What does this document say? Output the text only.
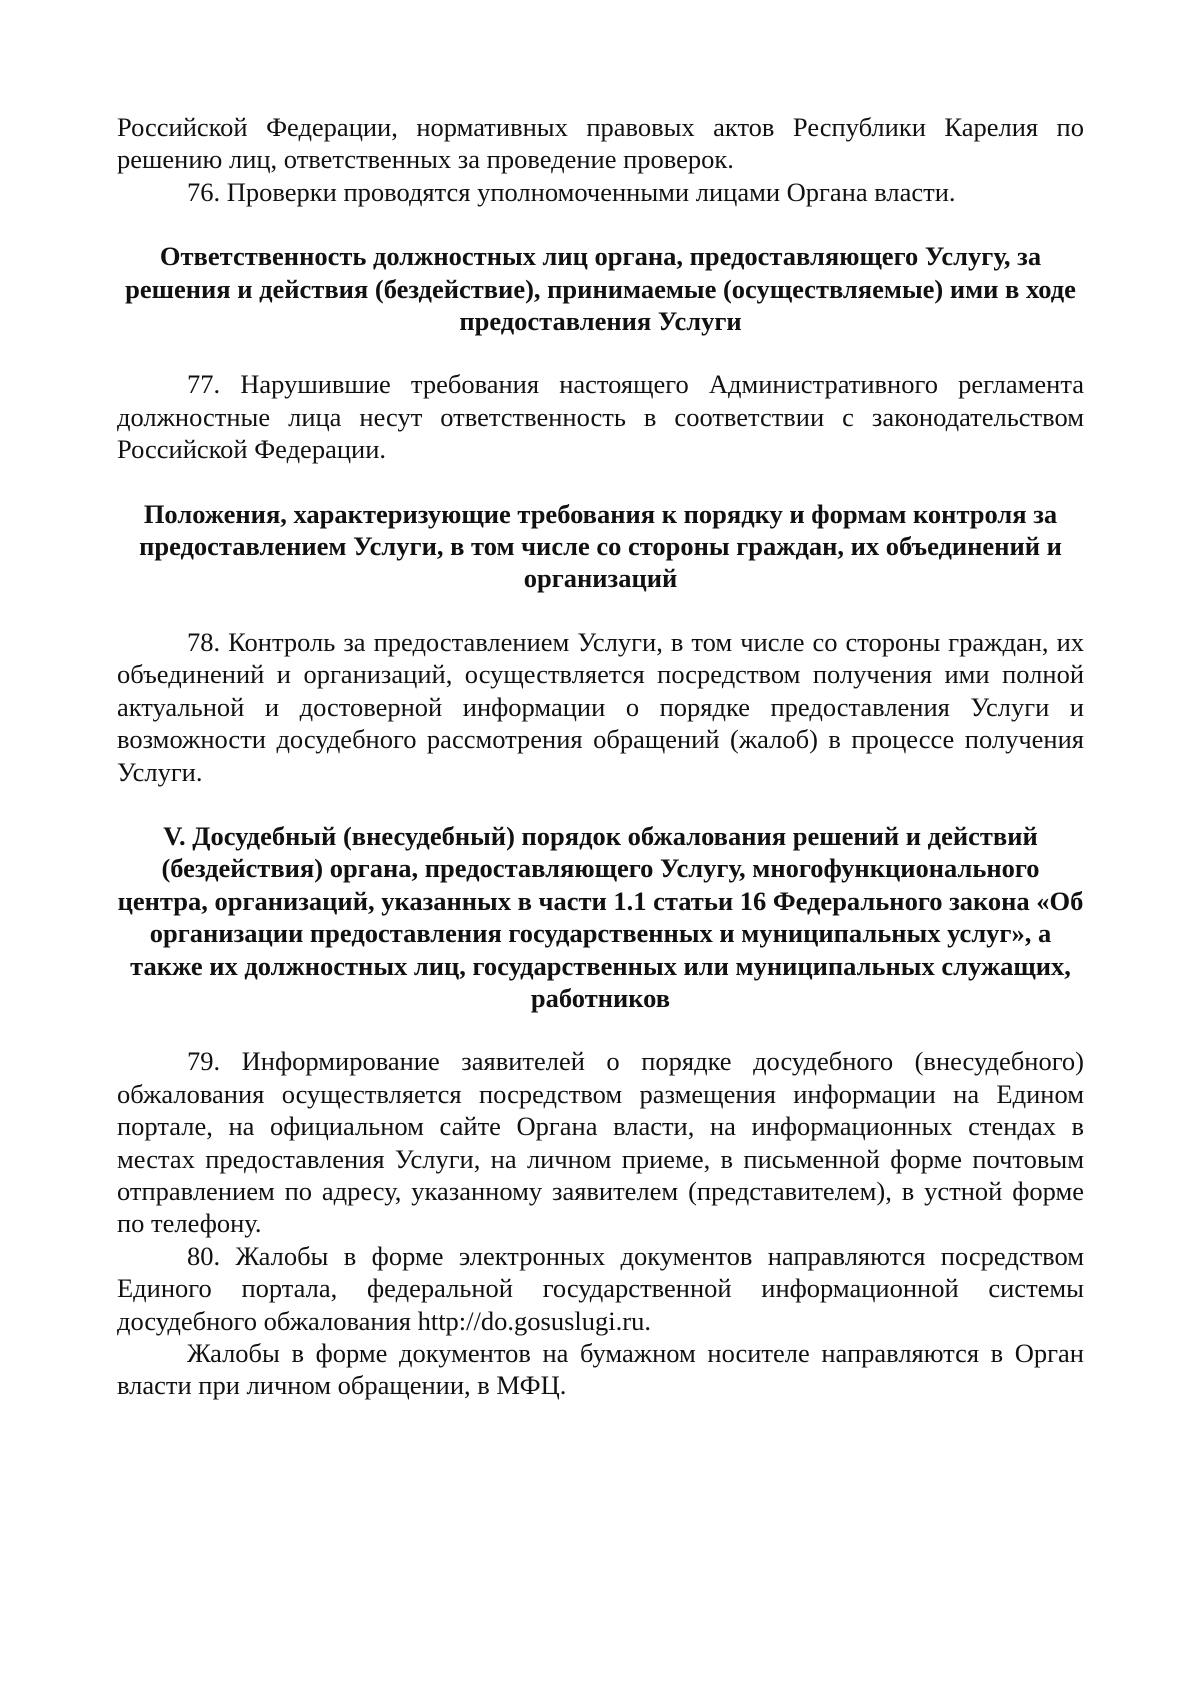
Российской Федерации, нормативных правовых актов Республики Карелия по решению лиц, ответственных за проведение проверок.

76. Проверки проводятся уполномоченными лицами Органа власти.

Ответственность должностных лиц органа, предоставляющего Услугу, за решения и действия (бездействие), принимаемые (осуществляемые) ими в ходе предоставления Услуги

77. Нарушившие требования настоящего Административного регламента должностные лица несут ответственность в соответствии с законодательством Российской Федерации.

Положения, характеризующие требования к порядку и формам контроля за предоставлением Услуги, в том числе со стороны граждан, их объединений и организаций

78. Контроль за предоставлением Услуги, в том числе со стороны граждан, их объединений и организаций, осуществляется посредством получения ими полной актуальной и достоверной информации о порядке предоставления Услуги и возможности досудебного рассмотрения обращений (жалоб) в процессе получения Услуги.

V. Досудебный (внесудебный) порядок обжалования решений и действий (бездействия) органа, предоставляющего Услугу, многофункционального центра, организаций, указанных в части 1.1 статьи 16 Федерального закона «Об организации предоставления государственных и муниципальных услуг», а также их должностных лиц, государственных или муниципальных служащих, работников

79. Информирование заявителей о порядке досудебного (внесудебного) обжалования осуществляется посредством размещения информации на Едином портале, на официальном сайте Органа власти, на информационных стендах в местах предоставления Услуги, на личном приеме, в письменной форме почтовым отправлением по адресу, указанному заявителем (представителем), в устной форме по телефону.

80. Жалобы в форме электронных документов направляются посредством Единого портала, федеральной государственной информационной системы досудебного обжалования http://do.gosuslugi.ru.

Жалобы в форме документов на бумажном носителе направляются в Орган власти при личном обращении, в МФЦ.
